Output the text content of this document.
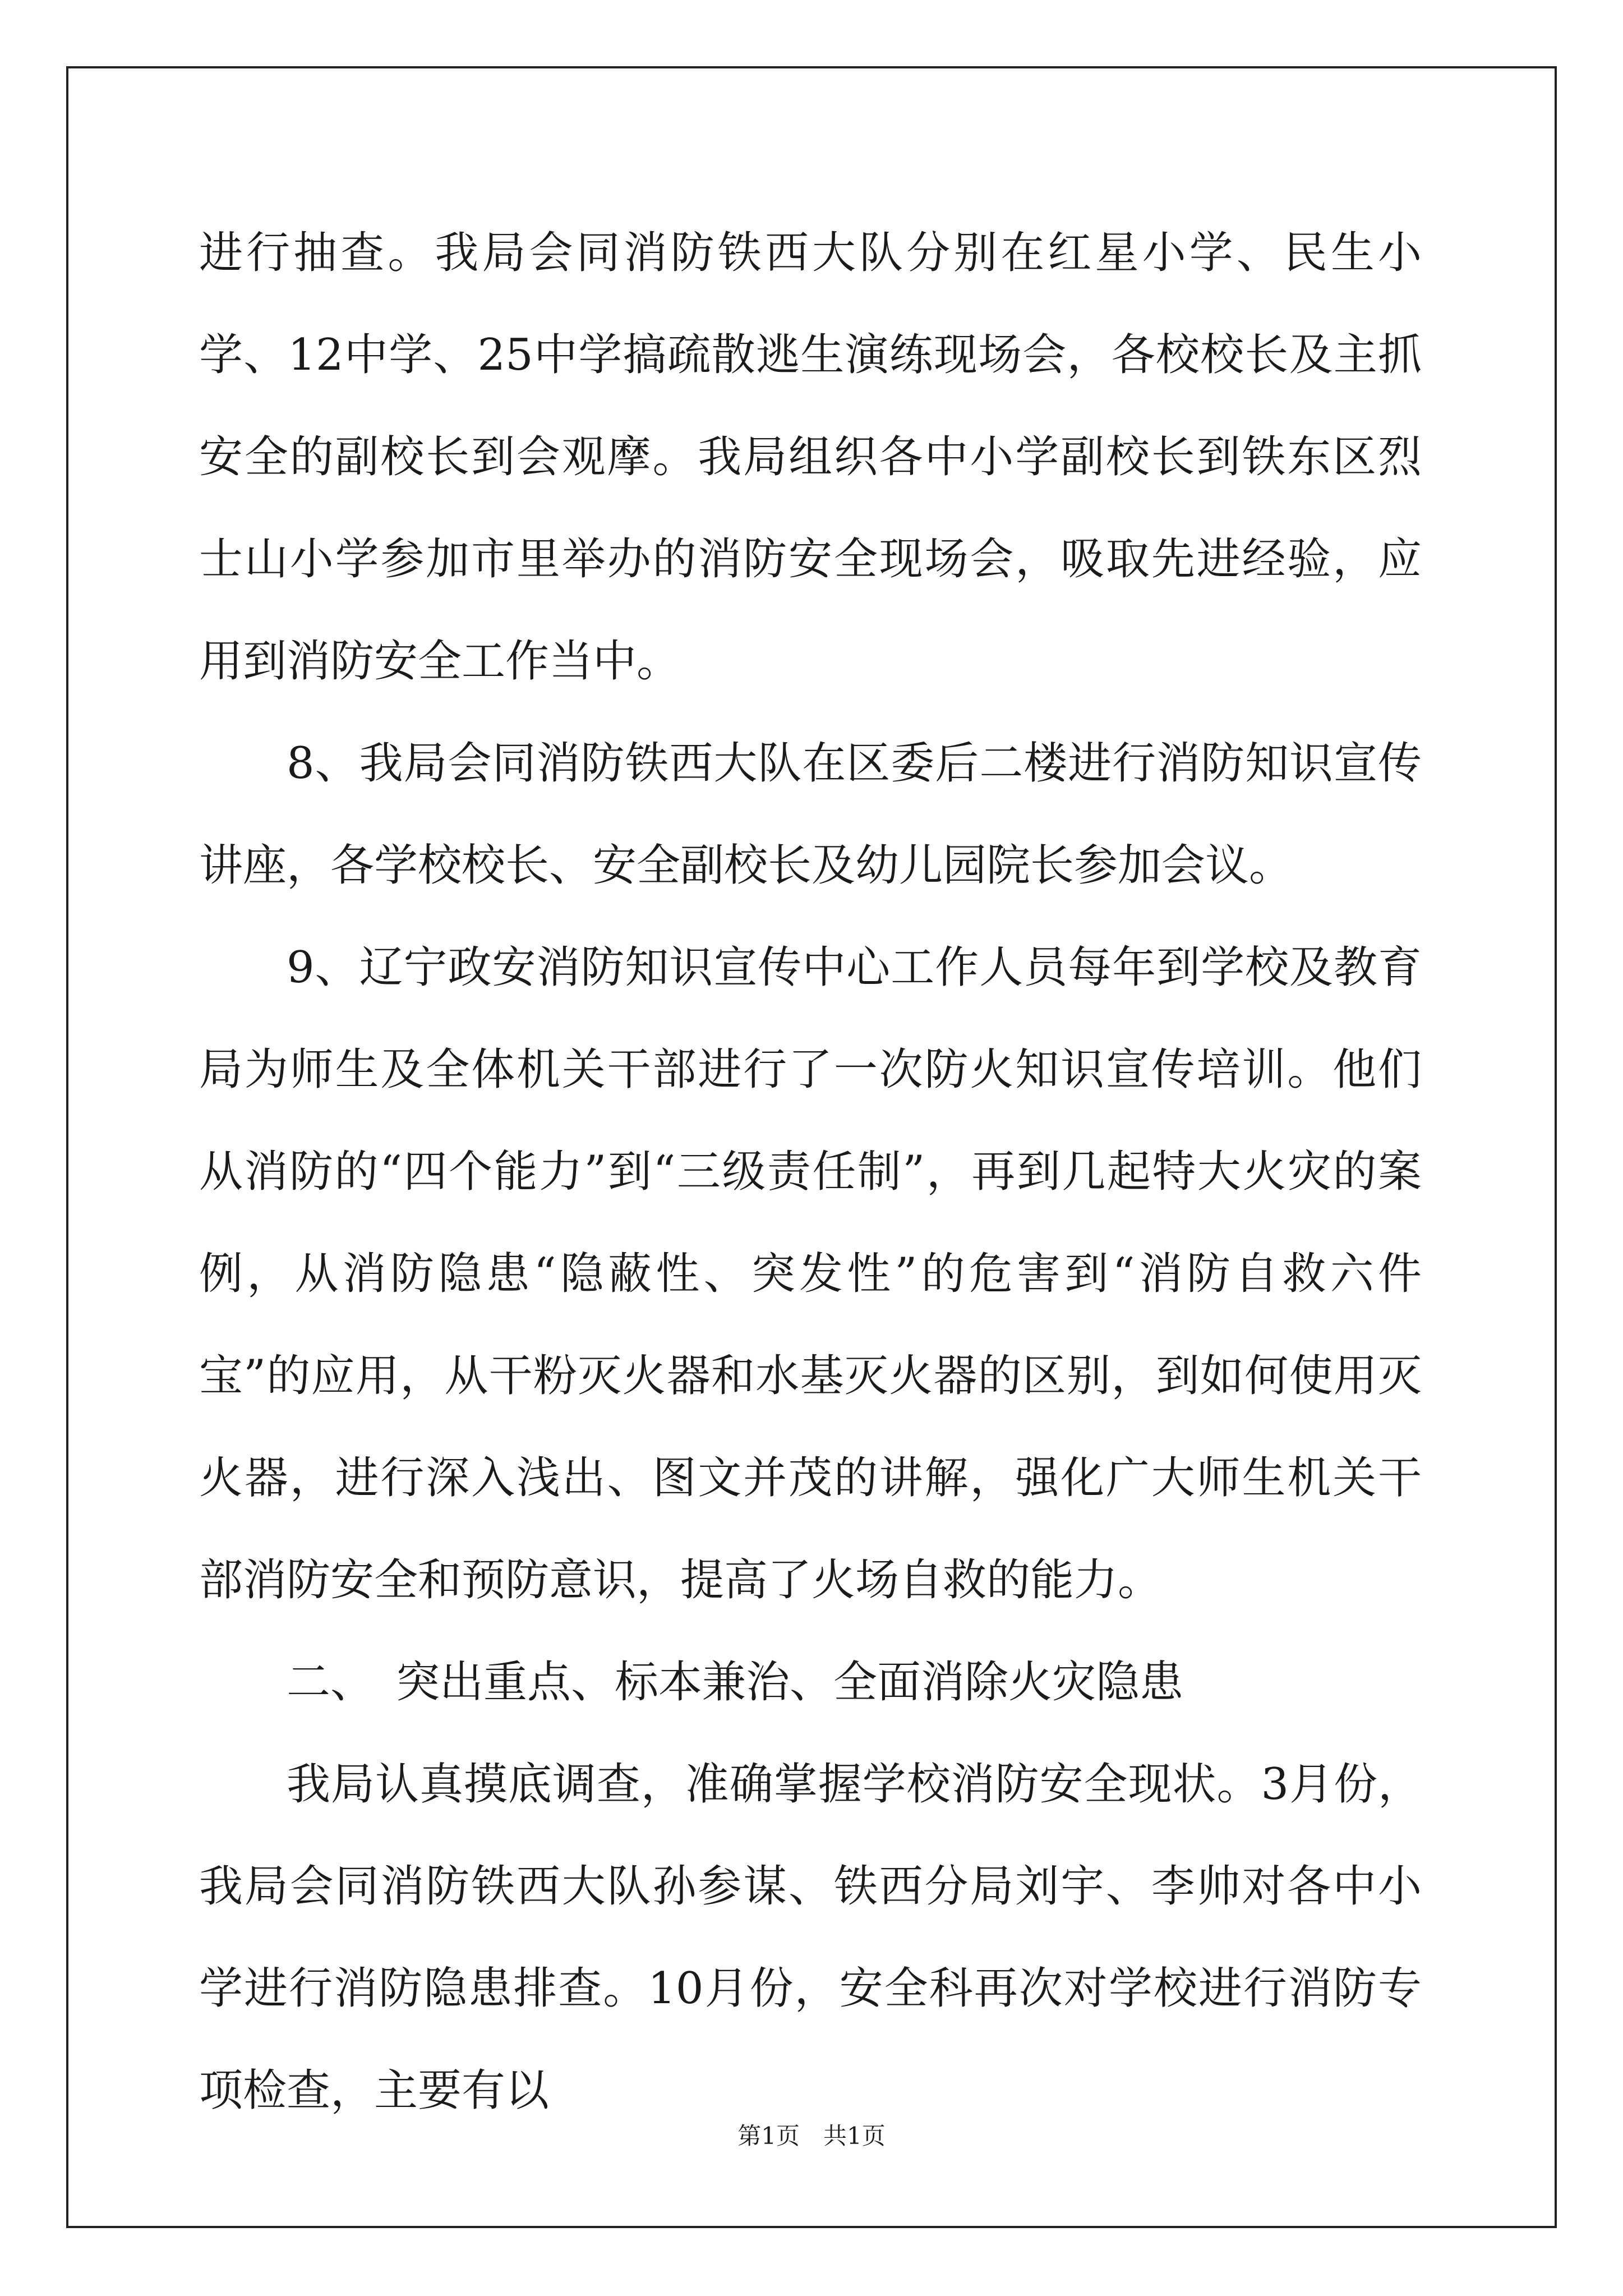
进行抽查。我局会同消防铁西大队分别在红星小学、民生小学、12中学、25中学搞疏散逃生演练现场会，各校校长及主抓安全的副校长到会观摩。我局组织各中小学副校长到铁东区烈士山小学参加市里举办的消防安全现场会，吸取先进经验，应用到消防安全工作当中。

8、我局会同消防铁西大队在区委后二楼进行消防知识宣传讲座，各学校校长、安全副校长及幼儿园院长参加会议。

9、辽宁政安消防知识宣传中心工作人员每年到学校及教育局为师生及全体机关干部进行了一次防火知识宣传培训。他们从消防的“四个能力”到“三级责任制”，再到几起特大火灾的案例，从消防隐患“隐蔽性、突发性”的危害到“消防自救六件宝”的应用，从干粉灭火器和水基灭火器的区别，到如何使用灭火器，进行深入浅出、图文并茂的讲解，强化广大师生机关干部消防安全和预防意识，提高了火场自救的能力。

二、　突出重点、标本兼治、全面消除火灾隐患

我局认真摸底调查，准确掌握学校消防安全现状。3月份，我局会同消防铁西大队孙参谋、铁西分局刘宇、李帅对各中小学进行消防隐患排查。10月份，安全科再次对学校进行消防专项检查，主要有以

第1页　共1页
